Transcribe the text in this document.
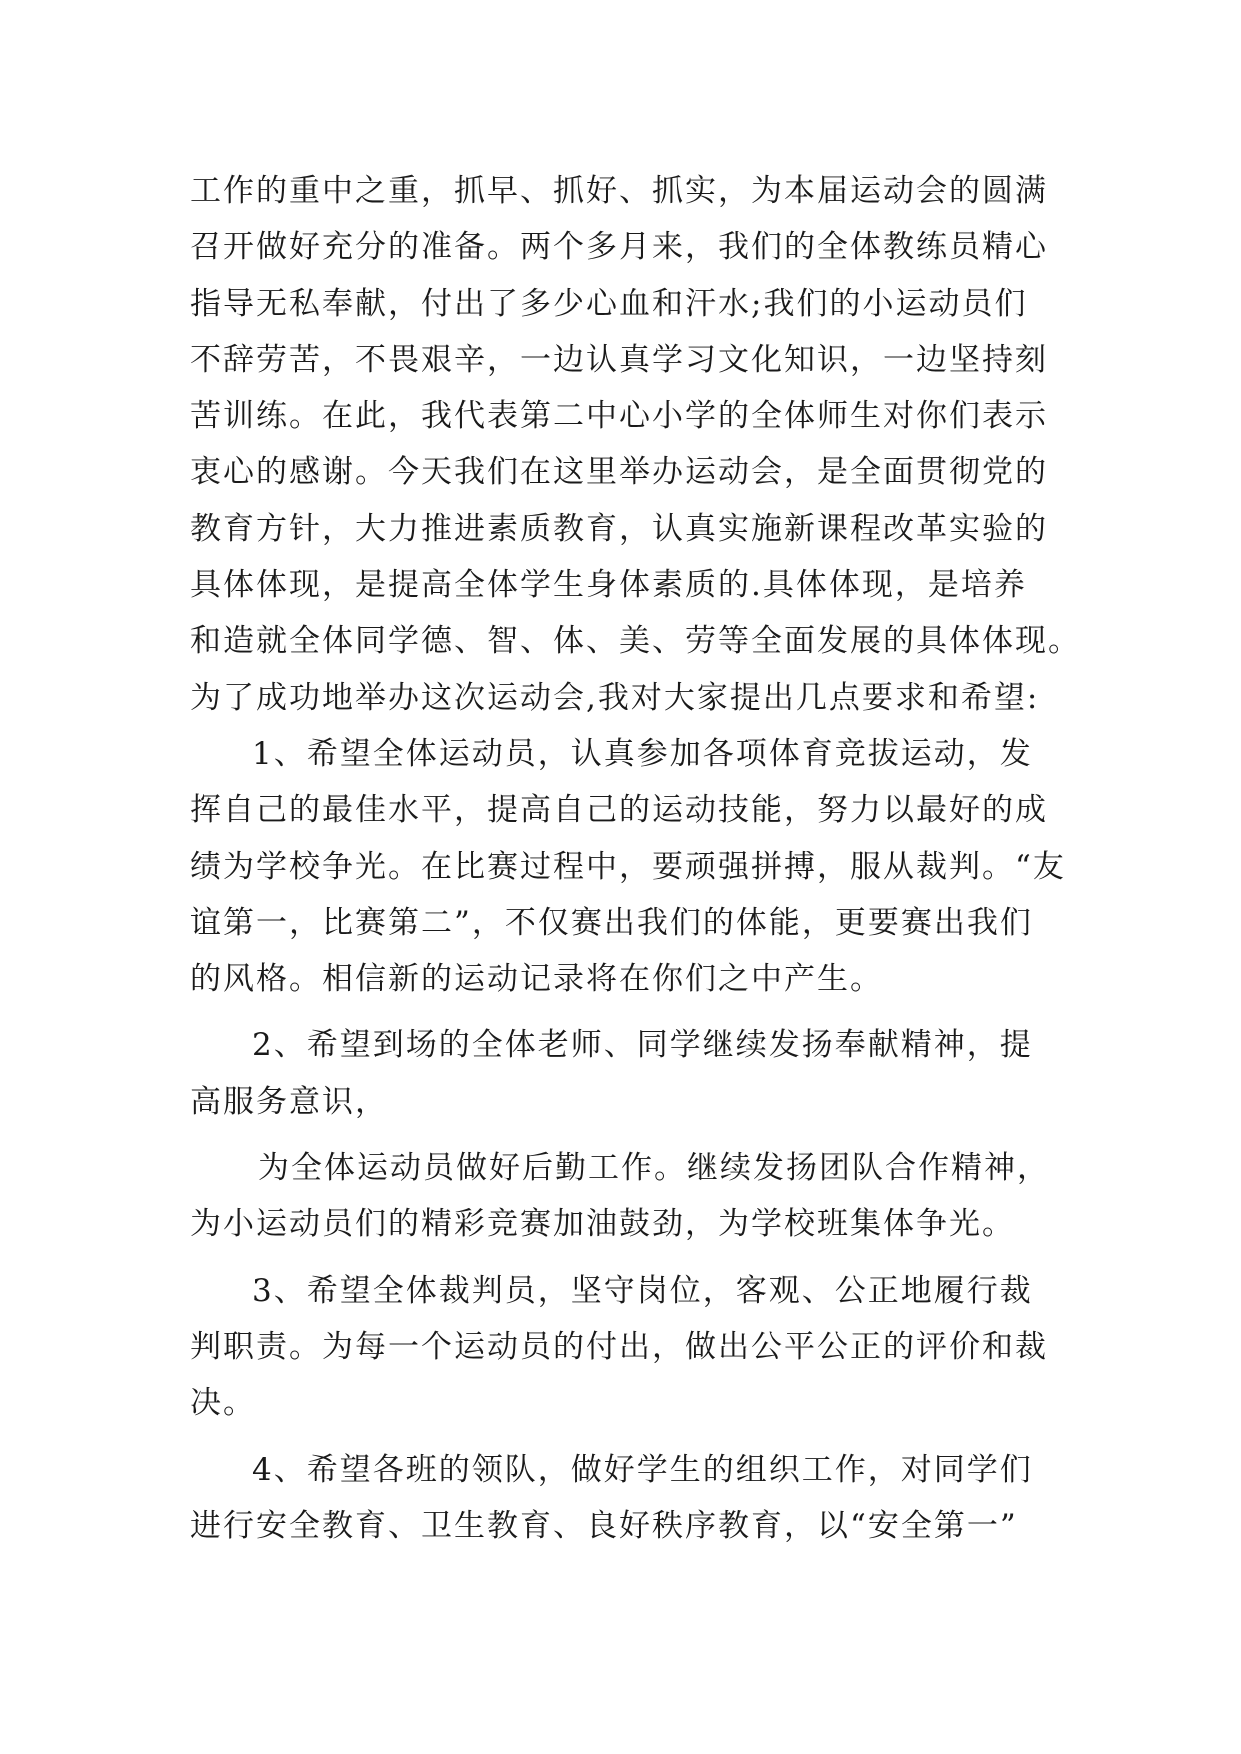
工作的重中之重，抓早、抓好、抓实，为本届运动会的圆满
召开做好充分的准备。两个多月来，我们的全体教练员精心
指导无私奉献，付出了多少心血和汗水;我们的小运动员们
不辞劳苦，不畏艰辛，一边认真学习文化知识，一边坚持刻
苦训练。在此，我代表第二中心小学的全体师生对你们表示
衷心的感谢。今天我们在这里举办运动会，是全面贯彻党的
教育方针，大力推进素质教育，认真实施新课程改革实验的
具体体现，是提高全体学生身体素质的.具体体现，是培养
和造就全体同学德、智、体、美、劳等全面发展的具体体现。
为了成功地举办这次运动会,我对大家提出几点要求和希望:
1、希望全体运动员，认真参加各项体育竞拔运动，发
挥自己的最佳水平，提高自己的运动技能，努力以最好的成
绩为学校争光。在比赛过程中，要顽强拼搏，服从裁判。“友
谊第一，比赛第二”，不仅赛出我们的体能，更要赛出我们
的风格。相信新的运动记录将在你们之中产生。
2、希望到场的全体老师、同学继续发扬奉献精神，提
高服务意识，
为全体运动员做好后勤工作。继续发扬团队合作精神，
为小运动员们的精彩竞赛加油鼓劲，为学校班集体争光。
3、希望全体裁判员，坚守岗位，客观、公正地履行裁
判职责。为每一个运动员的付出，做出公平公正的评价和裁
决。
4、希望各班的领队，做好学生的组织工作，对同学们
进行安全教育、卫生教育、良好秩序教育，以“安全第一”
